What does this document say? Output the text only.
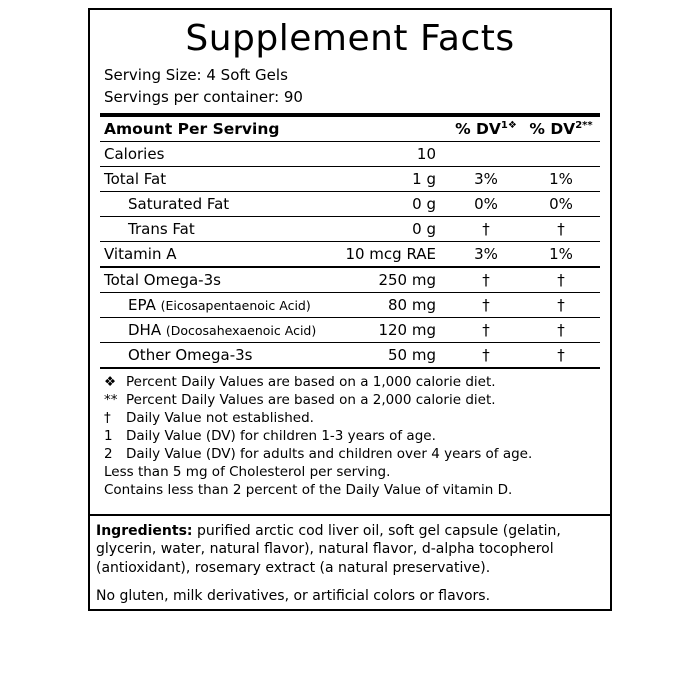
Supplement Facts
Serving Size: 4 Soft Gels
Servings per container: 90
Amount Per Serving		% $DV^{1❖}$	% $DV^{2**}$
Calories	10		
Total Fat	1 g	3%	1%
Saturated Fat	0 g	0%	0%
Trans Fat	0 g	†	†
Vitamin A	10 mcg RAE	3%	1%
Total Omega-3s	250 mg	†	†
EPA (Eicosapentaenoic Acid)	80 mg	†	†
DHA (Docosahexaenoic Acid)	120 mg	†	†
Other Omega-3s	50 mg	†	†
❖ Percent Daily Values are based on a 1,000 calorie diet.
** Percent Daily Values are based on a 2,000 calorie diet.
†	Daily Value not established.
1 Daily Value (DV) for children 1-3 years of age.
2 Daily Value (DV) for adults and children over 4 years of age.
Less than 5 mg of Cholesterol per serving.
Contains less than 2 percent of the Daily Value of vitamin D.
Ingredients: purified arctic cod liver oil, soft gel capsule (gelatin, glycerin, water, natural flavor), natural flavor, d-alpha tocopherol (antioxidant), rosemary extract (a natural preservative).
No gluten, milk derivatives, or artificial colors or flavors.
